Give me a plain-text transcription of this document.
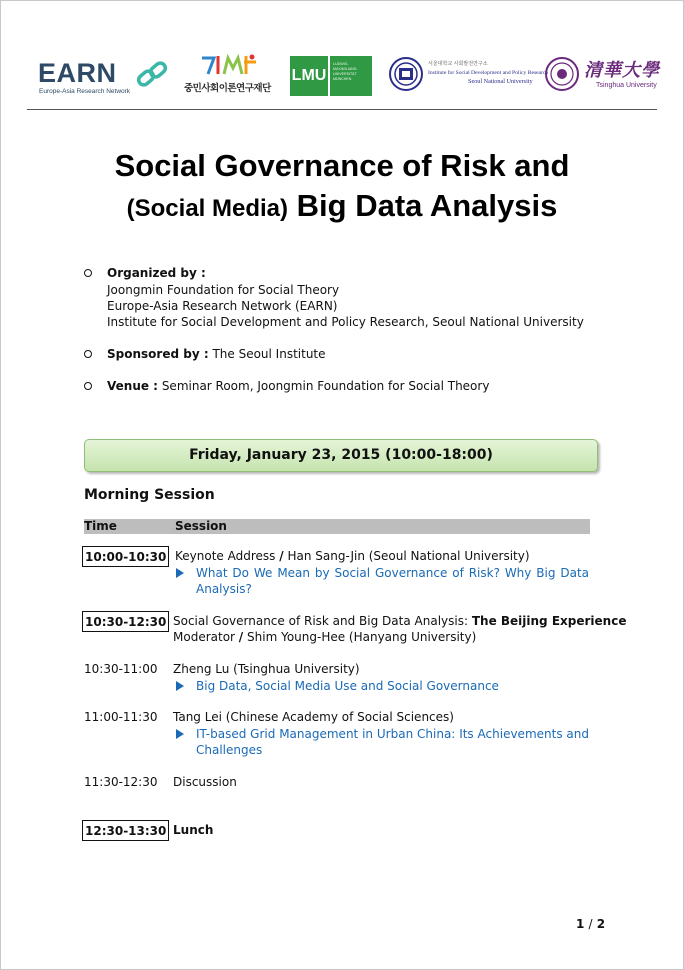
EARN
Europe-Asia Research Network	중민사회이론연구재단
LMU
LUDWIG-MAXIMILIANS-UNIVERSITÄT MÜNCHEN
서울대학교 사회발전연구소
Institute for Social Development and Policy Research
Seoul National University
清華大學
Tsinghua University
Social Governance of Risk and
(Social Media) Big Data Analysis
Organized by :
Joongmin Foundation for Social Theory
Europe-Asia Research Network (EARN)
Institute for Social Development and Policy Research, Seoul National University
Sponsored by : The Seoul Institute
Venue : Seminar Room, Joongmin Foundation for Social Theory
Friday, January 23, 2015 (10:00-18:00)
Morning Session
Time	Session
10:00-10:30 Keynote Address / Han Sang-Jin (Seoul National University)
What Do We Mean by Social Governance of Risk? Why Big Data
Analysis?
10:30-12:30 Social Governance of Risk and Big Data Analysis: The Beijing Experience
Moderator / Shim Young-Hee (Hanyang University)
10:30-11:00 Zheng Lu (Tsinghua University)
Big Data, Social Media Use and Social Governance
11:00-11:30 Tang Lei (Chinese Academy of Social Sciences)
IT-based Grid Management in Urban China: Its Achievements and
Challenges
11:30-12:30 Discussion
12:30-13:30 Lunch
1 / 2
